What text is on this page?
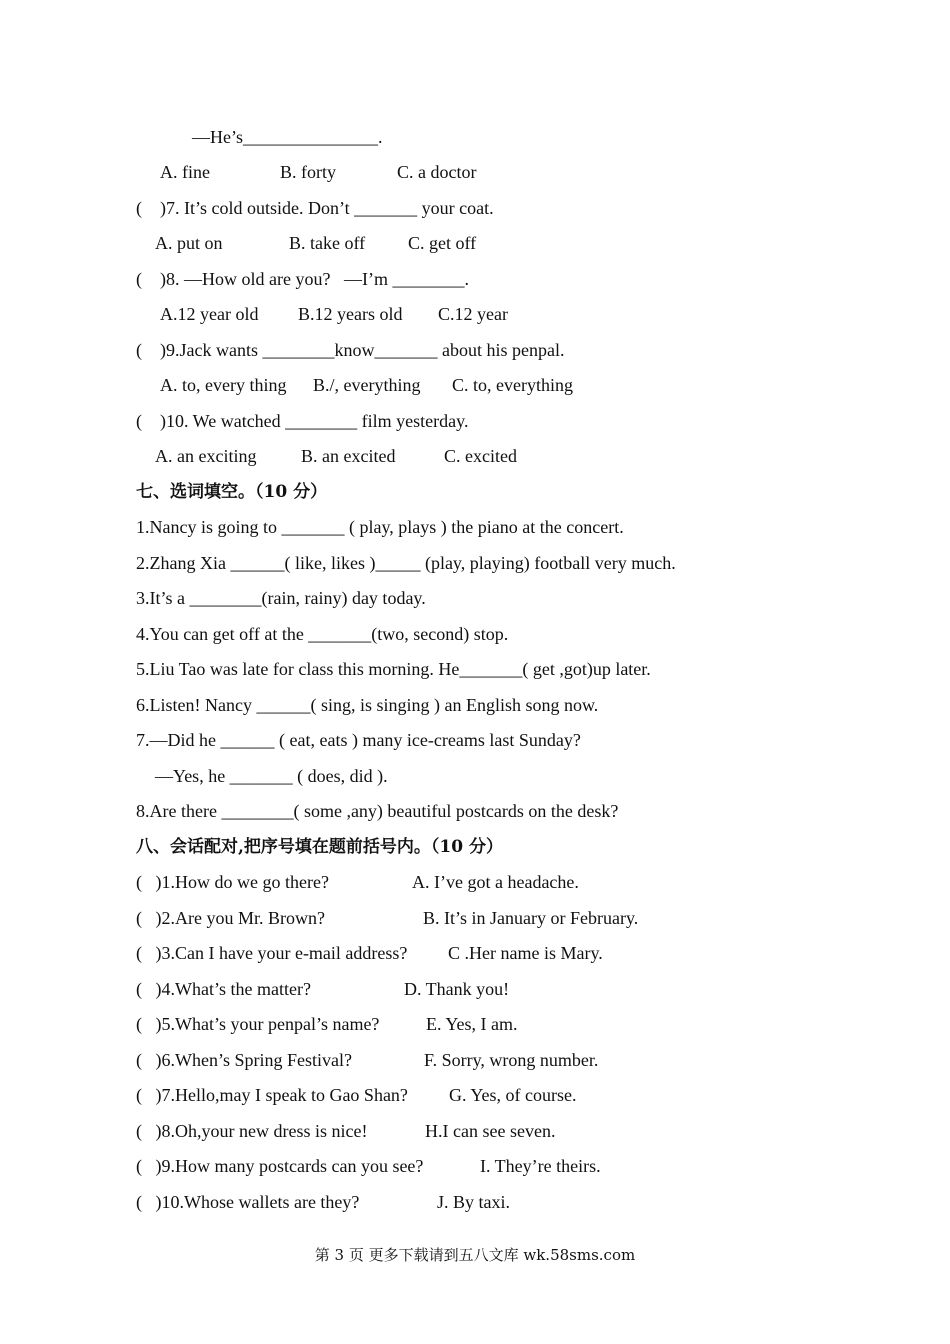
—He’s_______________.
A. fine	B. forty	C. a doctor
(    )7. It’s cold outside. Don’t _______ your coat.
A. put on	B. take off C. get off
(    )8. —How old are you?   —I’m ________.
A.12 year old B.12 years old C.12 year
(    )9.Jack wants ________know_______ about his penpal.
A. to, every thing B./, everything C. to, everything
(    )10. We watched ________ film yesterday.
A. an exciting B. an excited	C. excited
七、选词填空。（10 分）
1.Nancy is going to _______ ( play, plays ) the piano at the concert.
2.Zhang Xia ______( like, likes )_____ (play, playing) football very much.
3.It’s a ________(rain, rainy) day today.
4.You can get off at the _______(two, second) stop.
5.Liu Tao was late for class this morning. He_______( get ,got)up later.
6.Listen! Nancy ______( sing, is singing ) an English song now.
7.—Did he ______ ( eat, eats ) many ice-creams last Sunday?
—Yes, he _______ ( does, did ).
8.Are there ________( some ,any) beautiful postcards on the desk?
八、会话配对,把序号填在题前括号内。（10 分）
(   )1.How do we go there?	A. I’ve got a headache.
(   )2.Are you Mr. Brown?	B. It’s in January or February.
(   )3.Can I have your e-mail address? C .Her name is Mary.
(   )4.What’s the matter?	D. Thank you!
(   )5.What’s your penpal’s name?	E. Yes, I am.
(   )6.When’s Spring Festival?	F. Sorry, wrong number.
(   )7.Hello,may I speak to Gao Shan? G. Yes, of course.
(   )8.Oh,your new dress is nice!	H.I can see seven.
(   )9.How many postcards can you see?	I. They’re theirs.
(   )10.Whose wallets are they?	J. By taxi.
第 3 页 更多下载请到五八文库 wk.58sms.com
